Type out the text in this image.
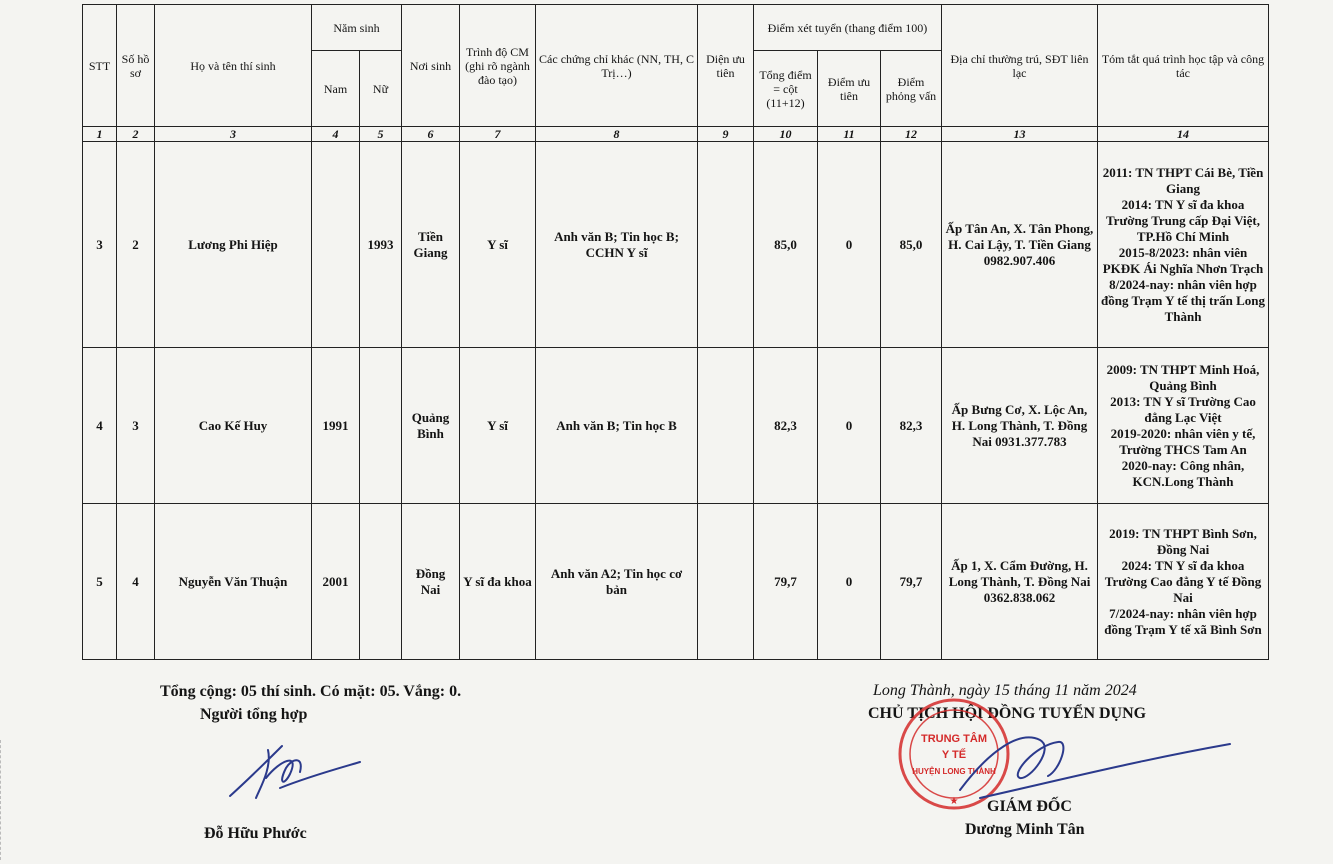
STT	Số hồ sơ	Họ và tên thí sinh	Năm sinh		Nơi sinh	Trình độ CM (ghi rõ ngành đào tạo)	Các chứng chỉ khác (NN, TH, C Trị…)	Diện ưu tiên	Điểm xét tuyển (thang điểm 100)			Địa chỉ thường trú, SĐT liên lạc	Tóm tắt quá trình học tập và công tác
			Nam	Nữ					Tổng điểm = cột (11+12)	Điểm ưu tiên	Điểm phỏng vấn		
1	2	3	4	5	6	7	8	9	10	11	12	13	14
3	2	Lương Phi Hiệp		1993	Tiền Giang	Y sĩ	Anh văn B; Tin học B; CCHN Y sĩ		85,0	0	85,0	Ấp Tân An, X. Tân Phong, H. Cai Lậy, T. Tiền Giang 0982.907.406	2011: TN THPT Cái Bè, Tiền Giang
2014: TN Y sĩ đa khoa Trường Trung cấp Đại Việt, TP.Hồ Chí Minh
2015-8/2023: nhân viên PKĐK Ái Nghĩa Nhơn Trạch
8/2024-nay: nhân viên hợp đồng Trạm Y tế thị trấn Long Thành

4	3	Cao Kế Huy	1991		Quảng Bình	Y sĩ	Anh văn B; Tin học B		82,3	0	82,3	Ấp Bưng Cơ, X. Lộc An, H. Long Thành, T. Đồng Nai 0931.377.783	2009: TN THPT Minh Hoá, Quảng Bình
2013: TN Y sĩ Trường Cao đẳng Lạc Việt
2019-2020: nhân viên y tế, Trường THCS Tam An
2020-nay: Công nhân, KCN.Long Thành

5	4	Nguyễn Văn Thuận	2001		Đồng Nai	Y sĩ đa khoa	Anh văn A2; Tin học cơ bản		79,7	0	79,7	Ấp 1, X. Cẩm Đường, H. Long Thành, T. Đồng Nai 0362.838.062	2019: TN THPT Bình Sơn, Đồng Nai
2024: TN Y sĩ đa khoa Trường Cao đẳng Y tế Đồng Nai
7/2024-nay: nhân viên hợp đồng Trạm Y tế xã Bình Sơn
Tổng cộng: 05 thí sinh. Có mặt: 05. Vắng: 0.
Người tổng hợp
Đỗ Hữu Phước
Long Thành, ngày 15 tháng 11 năm 2024
CHỦ TỊCH HỘI ĐỒNG TUYỂN DỤNG
TRUNG TÂM
Y TẾ
HUYỆN LONG THÀNH
★ GIÁM ĐỐC
Dương Minh Tân
